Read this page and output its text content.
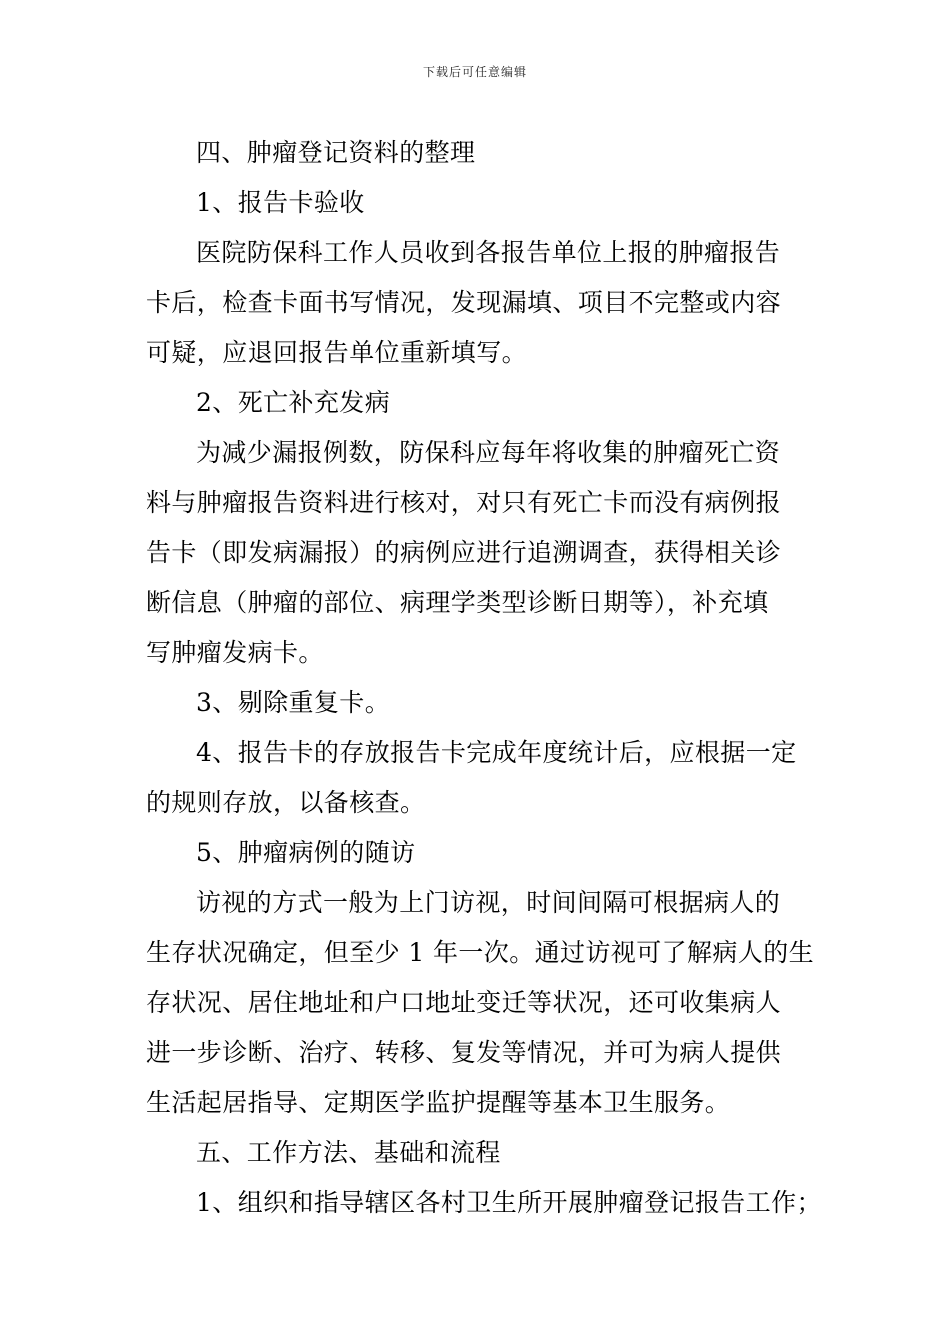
下载后可任意编辑
四、肿瘤登记资料的整理
1、报告卡验收
医院防保科工作人员收到各报告单位上报的肿瘤报告
卡后，检查卡面书写情况，发现漏填、项目不完整或内容
可疑，应退回报告单位重新填写。
2、死亡补充发病
为减少漏报例数，防保科应每年将收集的肿瘤死亡资
料与肿瘤报告资料进行核对，对只有死亡卡而没有病例报
告卡（即发病漏报）的病例应进行追溯调查，获得相关诊
断信息（肿瘤的部位、病理学类型诊断日期等），补充填
写肿瘤发病卡。
3、剔除重复卡。
4、报告卡的存放报告卡完成年度统计后，应根据一定
的规则存放，以备核查。
5、肿瘤病例的随访
访视的方式一般为上门访视，时间间隔可根据病人的
生存状况确定，但至少 1 年一次。通过访视可了解病人的生
存状况、居住地址和户口地址变迁等状况，还可收集病人
进一步诊断、治疗、转移、复发等情况，并可为病人提供
生活起居指导、定期医学监护提醒等基本卫生服务。
五、工作方法、基础和流程
1、组织和指导辖区各村卫生所开展肿瘤登记报告工作；
